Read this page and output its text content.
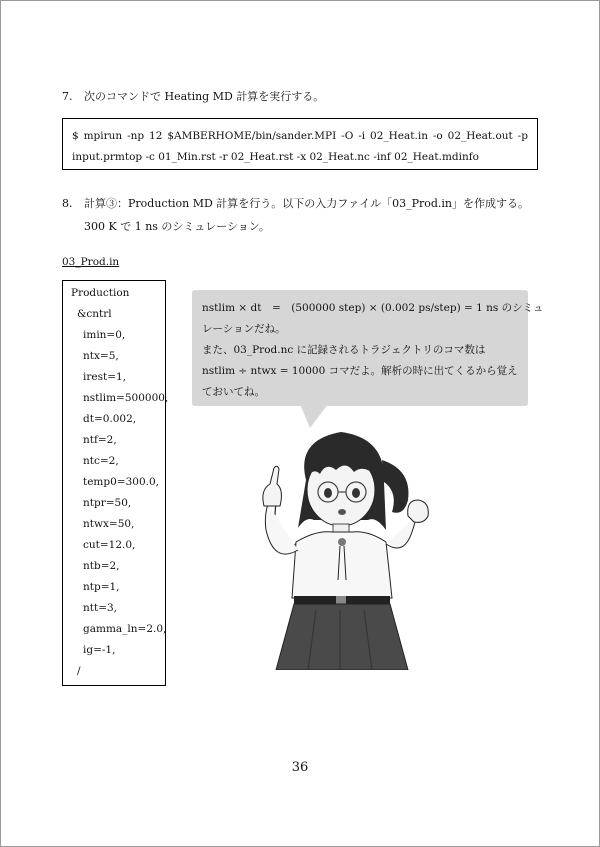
7. 次のコマンドで Heating MD 計算を実行する。
$ mpirun -np 12 $AMBERHOME/bin/sander.MPI -O -i 02_Heat.in -o 02_Heat.out -p
input.prmtop -c 01_Min.rst -r 02_Heat.rst -x 02_Heat.nc -inf 02_Heat.mdinfo
8. 計算③：Production MD 計算を行う。以下の入力ファイル「03_Prod.in」を作成する。
300 K で 1 ns のシミュレーション。
03_Prod.in
Production
&cntrl
imin=0,
ntx=5,
irest=1,
nstlim=500000,
dt=0.002,
ntf=2,
ntc=2,
temp0=300.0,
ntpr=50,
ntwx=50,
cut=12.0,
ntb=2,
ntp=1,
ntt=3,
gamma_ln=2.0,
ig=-1,
/
nstlim × dt　=　(500000 step) × (0.002 ps/step) = 1 ns のシミュ
レーションだね。
また、03_Prod.nc に記録されるトラジェクトリのコマ数は
nstlim ÷ ntwx = 10000 コマだよ。解析の時に出てくるから覚え
ておいてね。
36
